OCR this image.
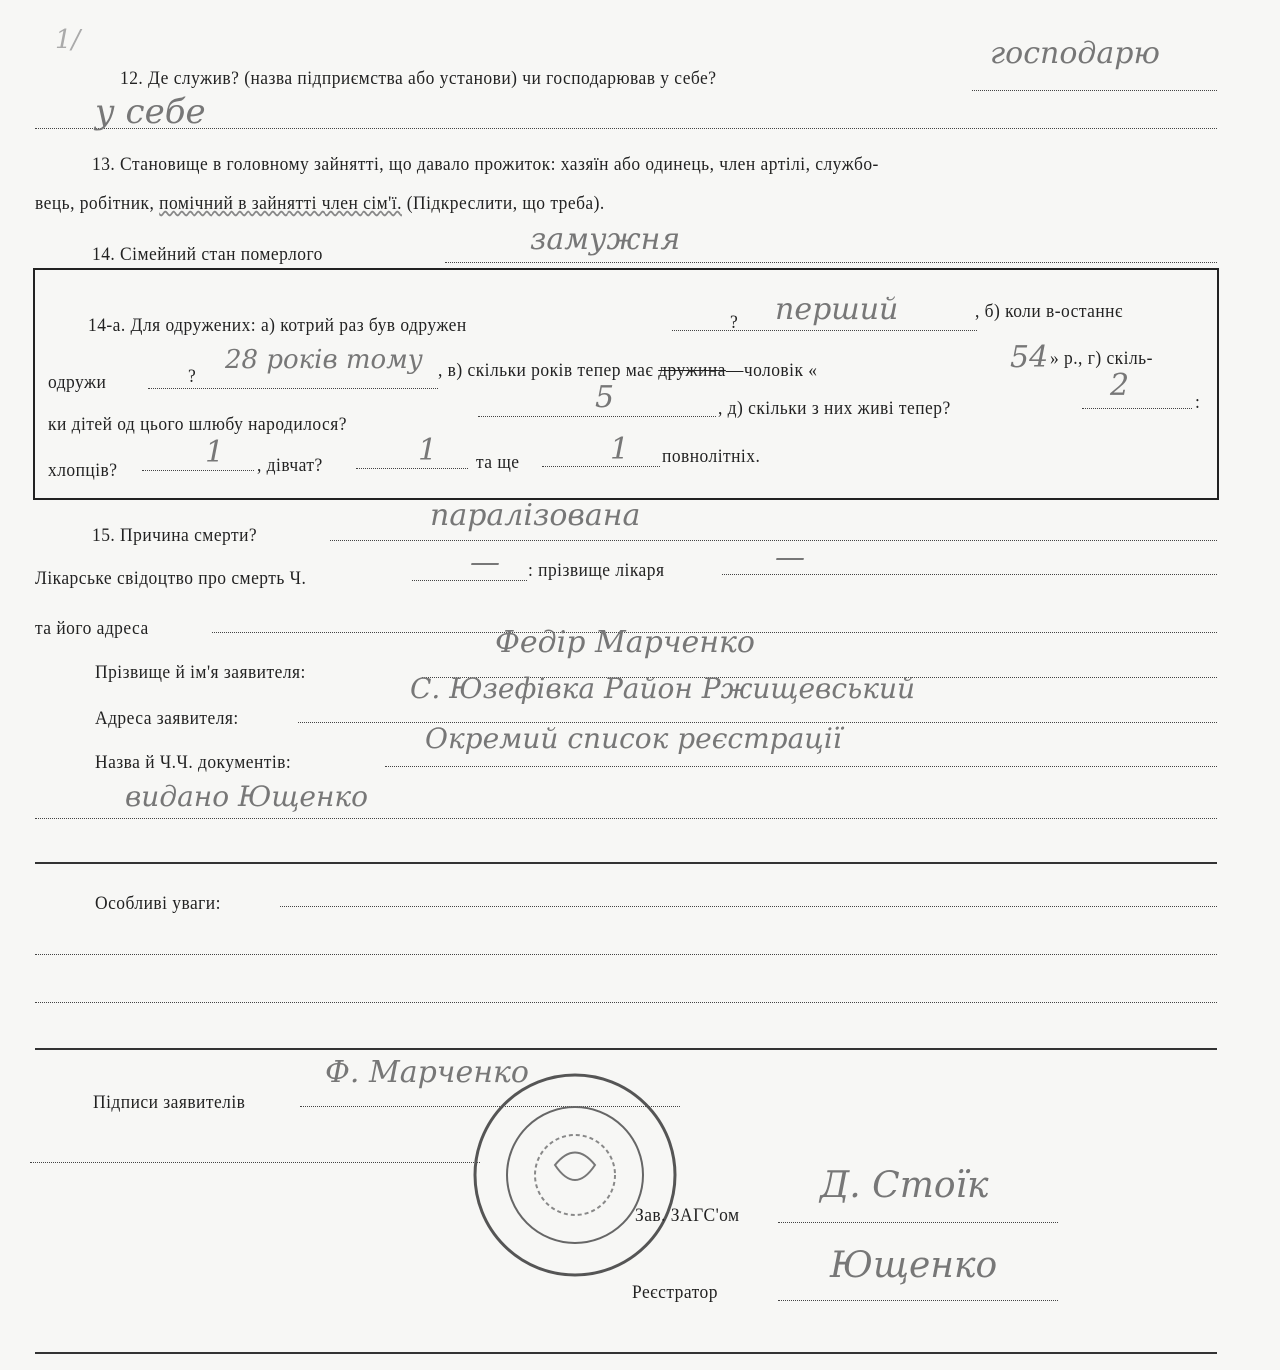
1/
12. Де служив? (назва підприємства або установи) чи господарював у себе?
господарю
у себе
13. Становище в головному зайнятті, що давало прожиток: хазяїн або одинець, член артілі, службо-
вець, робітник, помічний в зайнятті член сім'ї. (Підкреслити, що треба).
14. Сімейний стан померлого	замужня
14-а. Для одружених: а) котрий раз був одружен	? перший	, б) коли в-останнє
одружи	?
28 років тому , в) скільки років тепер має дружина—чоловік «	54 » р., г) скіль-
ки дітей од цього шлюбу народилося?
5	, д) скільки з них живі тепер?
2	:
хлопців?
1 , дівчат?	1 та ще	1 повнолітніх.
15. Причина смерти?
паралізована
Лікарське свідоцтво про смерть Ч.	— : прізвище лікаря	—
та його адреса
Прізвище й ім'я заявителя:
Федір Марченко
Адреса заявителя:
С. Юзефівка Район Ржищевський
Назва й Ч.Ч. документів:
Окремий список реєстрації
видано Ющенко
Особливі уваги:
Підписи заявителів
Ф. Марченко
Зав. ЗАГС'ом
Д. Стоїк
Реєстратор
Ющенко
